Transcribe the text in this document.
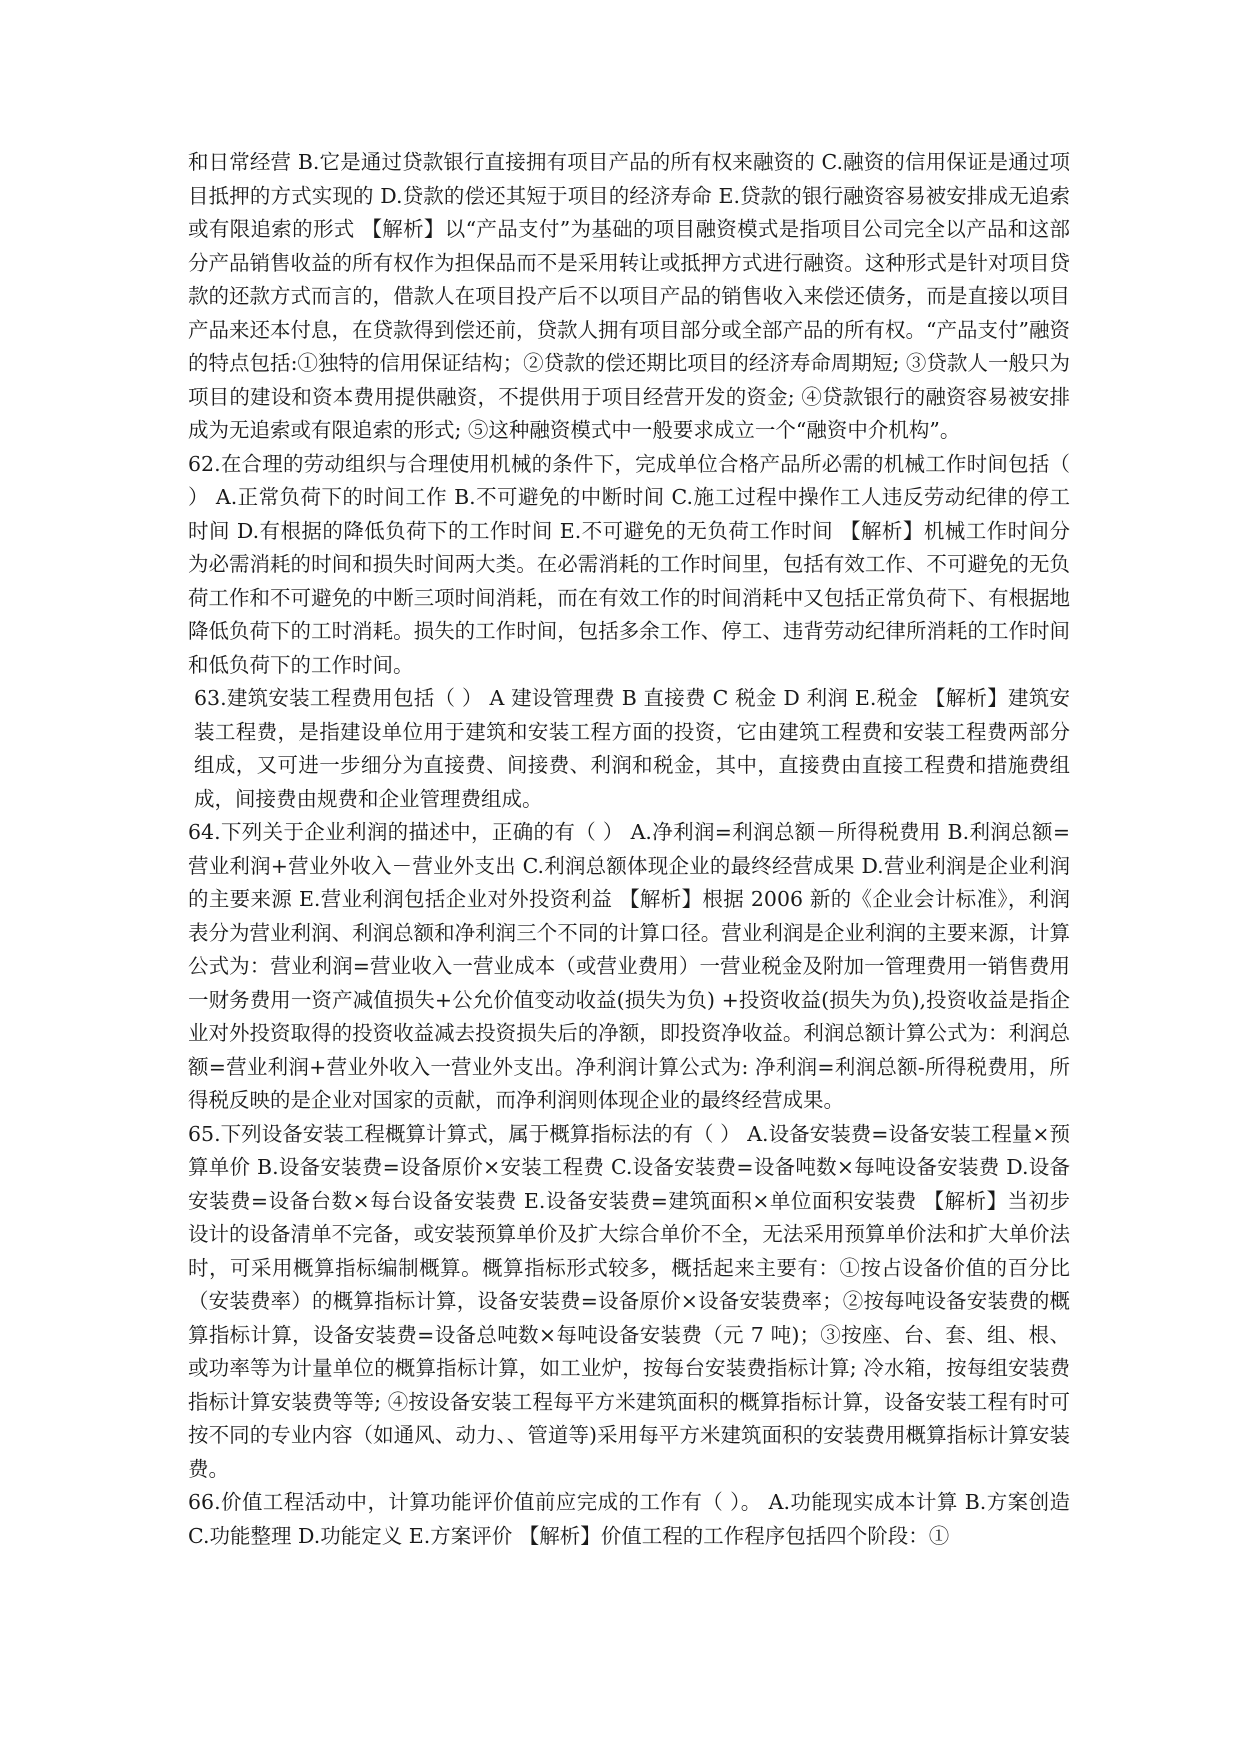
和日常经营 B.它是通过贷款银行直接拥有项目产品的所有权来融资的 C.融资的信用保证是通过项目抵押的方式实现的 D.贷款的偿还其短于项目的经济寿命 E.贷款的银行融资容易被安排成无追索或有限追索的形式 【解析】以“产品支付”为基础的项目融资模式是指项目公司完全以产品和这部分产品销售收益的所有权作为担保品而不是采用转让或抵押方式进行融资。这种形式是针对项目贷款的还款方式而言的，借款人在项目投产后不以项目产品的销售收入来偿还债务，而是直接以项目产品来还本付息，在贷款得到偿还前，贷款人拥有项目部分或全部产品的所有权。“产品支付”融资的特点包括:①独特的信用保证结构；②贷款的偿还期比项目的经济寿命周期短; ③贷款人一般只为项目的建设和资本费用提供融资，不提供用于项目经营开发的资金; ④贷款银行的融资容易被安排成为无追索或有限追索的形式; ⑤这种融资模式中一般要求成立一个“融资中介机构”。

62.在合理的劳动组织与合理使用机械的条件下，完成单位合格产品所必需的机械工作时间包括（ ） A.正常负荷下的时间工作 B.不可避免的中断时间 C.施工过程中操作工人违反劳动纪律的停工时间 D.有根据的降低负荷下的工作时间 E.不可避免的无负荷工作时间 【解析】机械工作时间分为必需消耗的时间和损失时间两大类。在必需消耗的工作时间里，包括有效工作、不可避免的无负荷工作和不可避免的中断三项时间消耗，而在有效工作的时间消耗中又包括正常负荷下、有根据地降低负荷下的工时消耗。损失的工作时间，包括多余工作、停工、违背劳动纪律所消耗的工作时间和低负荷下的工作时间。

63.建筑安装工程费用包括（ ） A 建设管理费 B 直接费 C 税金 D 利润 E.税金 【解析】建筑安装工程费，是指建设单位用于建筑和安装工程方面的投资，它由建筑工程费和安装工程费两部分组成，又可进一步细分为直接费、间接费、利润和税金，其中，直接费由直接工程费和措施费组成，间接费由规费和企业管理费组成。

64.下列关于企业利润的描述中，正确的有（ ） A.净利润=利润总额－所得税费用 B.利润总额=营业利润+营业外收入－营业外支出 C.利润总额体现企业的最终经营成果 D.营业利润是企业利润的主要来源 E.营业利润包括企业对外投资利益 【解析】根据 2006 新的《企业会计标准》，利润表分为营业利润、利润总额和净利润三个不同的计算口径。营业利润是企业利润的主要来源，计算公式为：营业利润=营业收入一营业成本（或营业费用）一营业税金及附加一管理费用一销售费用一财务费用一资产减值损失+公允价值变动收益(损失为负) +投资收益(损失为负),投资收益是指企业对外投资取得的投资收益减去投资损失后的净额，即投资净收益。利润总额计算公式为：利润总额=营业利润+营业外收入一营业外支出。净利润计算公式为: 净利润=利润总额-所得税费用，所得税反映的是企业对国家的贡献，而净利润则体现企业的最终经营成果。

65.下列设备安装工程概算计算式，属于概算指标法的有（ ） A.设备安装费=设备安装工程量×预算单价 B.设备安装费=设备原价×安装工程费 C.设备安装费=设备吨数×每吨设备安装费 D.设备安装费=设备台数×每台设备安装费 E.设备安装费=建筑面积×单位面积安装费 【解析】当初步设计的设备清单不完备，或安装预算单价及扩大综合单价不全，无法采用预算单价法和扩大单价法时，可采用概算指标编制概算。概算指标形式较多，概括起来主要有：①按占设备价值的百分比（安装费率）的概算指标计算，设备安装费=设备原价×设备安装费率；②按每吨设备安装费的概算指标计算，设备安装费=设备总吨数×每吨设备安装费（元 7 吨)；③按座、台、套、组、根、或功率等为计量单位的概算指标计算，如工业炉，按每台安装费指标计算; 冷水箱，按每组安装费指标计算安装费等等; ④按设备安装工程每平方米建筑面积的概算指标计算，设备安装工程有时可按不同的专业内容（如通风、动力、、管道等)采用每平方米建筑面积的安装费用概算指标计算安装费。

66.价值工程活动中，计算功能评价值前应完成的工作有（ ）。 A.功能现实成本计算 B.方案创造 C.功能整理 D.功能定义 E.方案评价 【解析】价值工程的工作程序包括四个阶段：①
